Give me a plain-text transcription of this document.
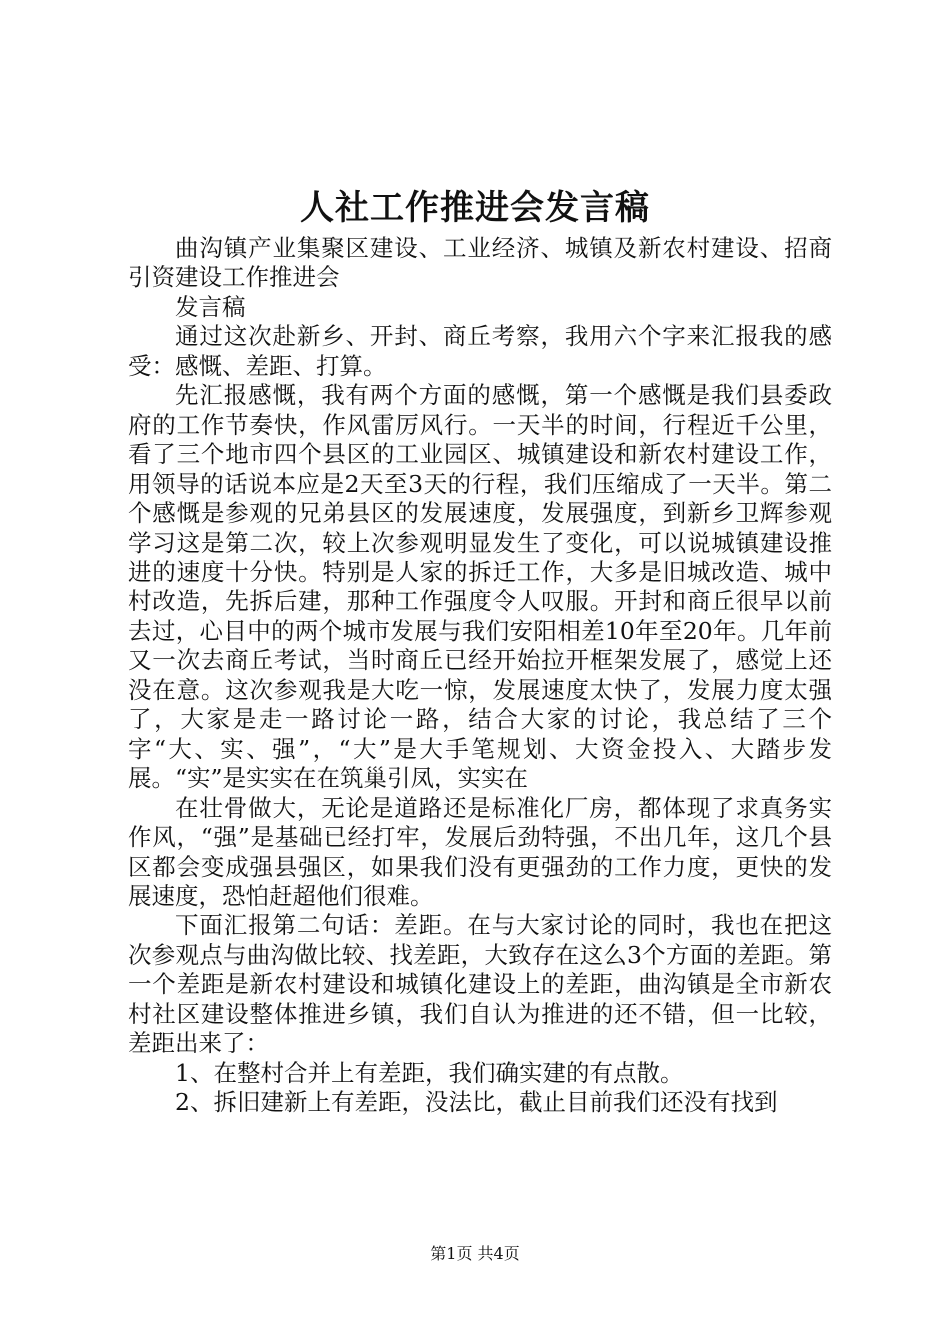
人社工作推进会发言稿

曲沟镇产业集聚区建设、工业经济、城镇及新农村建设、招商引资建设工作推进会

发言稿

通过这次赴新乡、开封、商丘考察，我用六个字来汇报我的感受：感慨、差距、打算。

先汇报感慨，我有两个方面的感慨，第一个感慨是我们县委政府的工作节奏快，作风雷厉风行。一天半的时间，行程近千公里，看了三个地市四个县区的工业园区、城镇建设和新农村建设工作，用领导的话说本应是2天至3天的行程，我们压缩成了一天半。第二个感慨是参观的兄弟县区的发展速度，发展强度，到新乡卫辉参观学习这是第二次，较上次参观明显发生了变化，可以说城镇建设推进的速度十分快。特别是人家的拆迁工作，大多是旧城改造、城中村改造，先拆后建，那种工作强度令人叹服。开封和商丘很早以前去过，心目中的两个城市发展与我们安阳相差10年至20年。几年前又一次去商丘考试，当时商丘已经开始拉开框架发展了，感觉上还没在意。这次参观我是大吃一惊，发展速度太快了，发展力度太强了，大家是走一路讨论一路，结合大家的讨论，我总结了三个字“大、实、强”，“大”是大手笔规划、大资金投入、大踏步发展。“实”是实实在在筑巢引凤，实实在

在壮骨做大，无论是道路还是标准化厂房，都体现了求真务实作风，“强”是基础已经打牢，发展后劲特强，不出几年，这几个县区都会变成强县强区，如果我们没有更强劲的工作力度，更快的发展速度，恐怕赶超他们很难。

下面汇报第二句话：差距。在与大家讨论的同时，我也在把这次参观点与曲沟做比较、找差距，大致存在这么3个方面的差距。第一个差距是新农村建设和城镇化建设上的差距，曲沟镇是全市新农村社区建设整体推进乡镇，我们自认为推进的还不错，但一比较，差距出来了：

1、在整村合并上有差距，我们确实建的有点散。

2、拆旧建新上有差距，没法比，截止目前我们还没有找到

第1页 共4页
